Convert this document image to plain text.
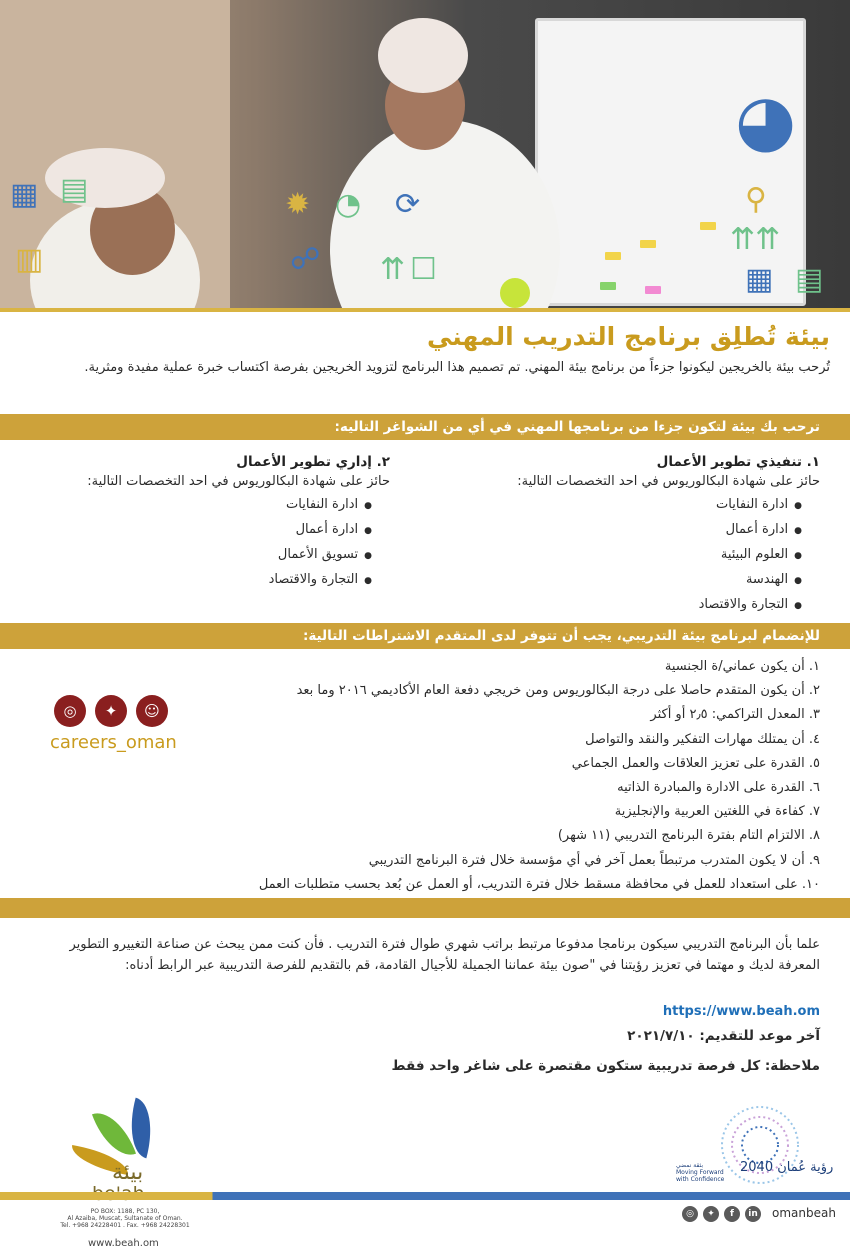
▦ ▤
▥
✹ ◔ ⟳
☍ ⇈ ☐
◕
⚲
⇈⇈
▦ ▤
بيئة تُطلِق برنامج التدريب المهني
تُرحب بيئة بالخريجين ليكونوا جزءاً من برنامج بيئة المهني. تم تصميم هذا البرنامج لتزويد الخريجين بفرصة اكتساب خبرة عملية مفيدة ومثرية.
ترحب بك بيئة لتكون جزءا من برنامجها المهني في أي من الشواغر التاليه:
١. تنفيذي تطوير الأعمال
حائز على شهادة البكالوريوس في احد التخصصات التالية:
● ادارة النفايات
● ادارة أعمال
● العلوم البيئية
● الهندسة
● التجارة والاقتصاد
٢. إداري تطوير الأعمال
حائز على شهادة البكالوريوس في احد التخصصات التالية:
● ادارة النفايات
● ادارة أعمال
● تسويق الأعمال
● التجارة والاقتصاد
للإنضمام لبرنامج بيئة التدريبي، يجب أن تتوفر لدى المتقدم الاشتراطات التالية:
١. أن يكون عماني/ة الجنسية
٢. أن يكون المتقدم حاصلا على درجة البكالوريوس ومن خريجي دفعة العام الأكاديمي ٢٠١٦ وما بعد
٣. المعدل التراكمي: ٢٫٥ أو أكثر
٤. أن يمتلك مهارات التفكير والنقد والتواصل
٥. القدرة على تعزيز العلاقات والعمل الجماعي
٦. القدرة على الادارة والمبادرة الذاتيه
٧. كفاءة في اللغتين العربية والإنجليزية
٨. الالتزام التام بفترة البرنامج التدريبي (١١ شهر)
٩. أن لا يكون المتدرب مرتبطاً بعمل آخر في أي مؤسسة خلال فترة البرنامج التدريبي
١٠. على استعداد للعمل في محافظة مسقط خلال فترة التدريب، أو العمل عن بُعد بحسب متطلبات العمل
◎	✦	☺
careers_oman
علما بأن البرنامج التدريبي سيكون برنامجا مدفوعا مرتبط براتب شهري طوال فترة التدريب . فأن كنت ممن يبحث عن صناعة التغييرو التطوير المعرفة لديك و مهتما في تعزيز رؤيتنا في "صون بيئة عماننا الجميلة للأجيال القادمة، قم بالتقديم للفرصة التدريبية عبر الرابط أدناه:
https://www.beah.om
آخر موعد للتقديم: ٢٠٢١/٧/١٠
ملاحظة: كل فرصة تدريبية ستكون مقتصرة على شاغر واحد فقط
بيئة
PO BOX: 1188, PC 130,
Al Azaiba, Muscat, Sultanate of Oman.
Tel. +968 24228401 . Fax. +968 24228301
www.beah.om
رؤية عُمان 2040
بثقة نمضي
Moving Forward
with Confidence
◎	✦	f	in omanbeah
